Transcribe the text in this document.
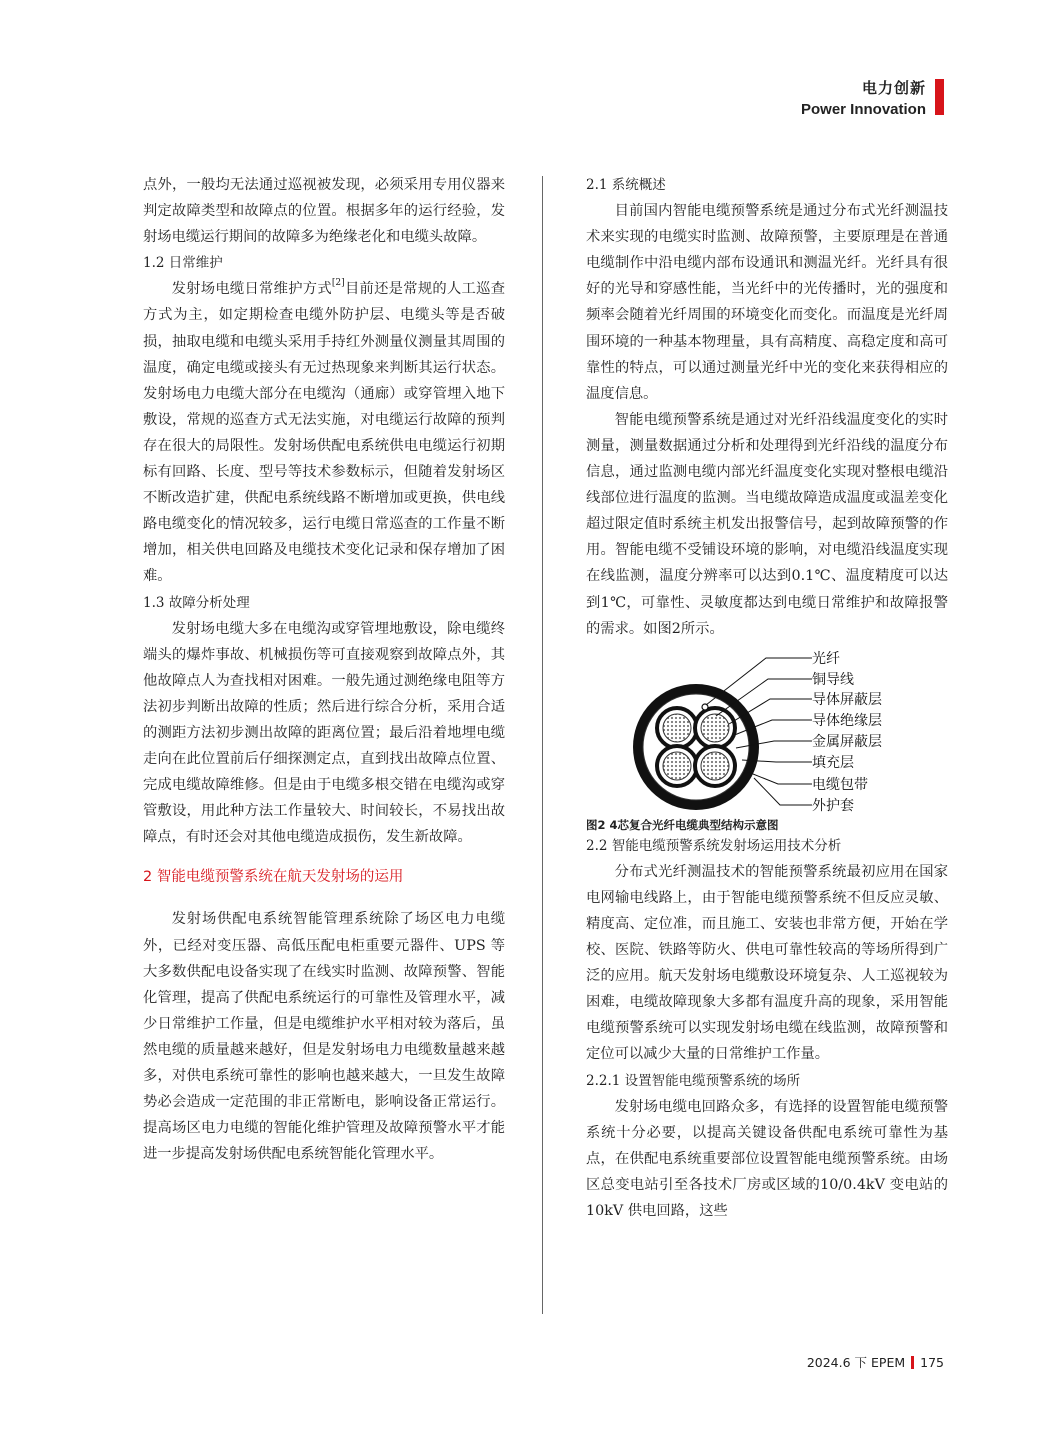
电力创新
Power Innovation

点外，一般均无法通过巡视被发现，必须采用专用仪器来判定故障类型和故障点的位置。根据多年的运行经验，发射场电缆运行期间的故障多为绝缘老化和电缆头故障。

1.2 日常维护

发射场电缆日常维护方式[2]目前还是常规的人工巡查方式为主，如定期检查电缆外防护层、电缆头等是否破损，抽取电缆和电缆头采用手持红外测量仪测量其周围的温度，确定电缆或接头有无过热现象来判断其运行状态。发射场电力电缆大部分在电缆沟（通廊）或穿管埋入地下敷设，常规的巡查方式无法实施，对电缆运行故障的预判存在很大的局限性。发射场供配电系统供电电缆运行初期标有回路、长度、型号等技术参数标示，但随着发射场区不断改造扩建，供配电系统线路不断增加或更换，供电线路电缆变化的情况较多，运行电缆日常巡查的工作量不断增加，相关供电回路及电缆技术变化记录和保存增加了困难。

1.3 故障分析处理

发射场电缆大多在电缆沟或穿管埋地敷设，除电缆终端头的爆炸事故、机械损伤等可直接观察到故障点外，其他故障点人为查找相对困难。一般先通过测绝缘电阻等方法初步判断出故障的性质；然后进行综合分析，采用合适的测距方法初步测出故障的距离位置；最后沿着地埋电缆走向在此位置前后仔细探测定点，直到找出故障点位置、完成电缆故障维修。但是由于电缆多根交错在电缆沟或穿管敷设，用此种方法工作量较大、时间较长，不易找出故障点，有时还会对其他电缆造成损伤，发生新故障。

2 智能电缆预警系统在航天发射场的运用

发射场供配电系统智能管理系统除了场区电力电缆外，已经对变压器、高低压配电柜重要元器件、UPS 等大多数供配电设备实现了在线实时监测、故障预警、智能化管理，提高了供配电系统运行的可靠性及管理水平，减少日常维护工作量，但是电缆维护水平相对较为落后，虽然电缆的质量越来越好，但是发射场电力电缆数量越来越多，对供电系统可靠性的影响也越来越大，一旦发生故障势必会造成一定范围的非正常断电，影响设备正常运行。提高场区电力电缆的智能化维护管理及故障预警水平才能进一步提高发射场供配电系统智能化管理水平。

2.1 系统概述

目前国内智能电缆预警系统是通过分布式光纤测温技术来实现的电缆实时监测、故障预警，主要原理是在普通电缆制作中沿电缆内部布设通讯和测温光纤。光纤具有很好的光导和穿感性能，当光纤中的光传播时，光的强度和频率会随着光纤周围的环境变化而变化。而温度是光纤周围环境的一种基本物理量，具有高精度、高稳定度和高可靠性的特点，可以通过测量光纤中光的变化来获得相应的温度信息。

智能电缆预警系统是通过对光纤沿线温度变化的实时测量，测量数据通过分析和处理得到光纤沿线的温度分布信息，通过监测电缆内部光纤温度变化实现对整根电缆沿线部位进行温度的监测。当电缆故障造成温度或温差变化超过限定值时系统主机发出报警信号，起到故障预警的作用。智能电缆不受铺设环境的影响，对电缆沿线温度实现在线监测，温度分辨率可以达到0.1℃、温度精度可以达到1℃，可靠性、灵敏度都达到电缆日常维护和故障报警的需求。如图2所示。

光纤
铜导线
导体屏蔽层
导体绝缘层
金属屏蔽层
填充层
电缆包带
外护套

图2 4芯复合光纤电缆典型结构示意图

2.2 智能电缆预警系统发射场运用技术分析

分布式光纤测温技术的智能预警系统最初应用在国家电网输电线路上，由于智能电缆预警系统不但反应灵敏、精度高、定位准，而且施工、安装也非常方便，开始在学校、医院、铁路等防火、供电可靠性较高的等场所得到广泛的应用。航天发射场电缆敷设环境复杂、人工巡视较为困难，电缆故障现象大多都有温度升高的现象，采用智能电缆预警系统可以实现发射场电缆在线监测，故障预警和定位可以减少大量的日常维护工作量。

2.2.1 设置智能电缆预警系统的场所

发射场电缆电回路众多，有选择的设置智能电缆预警系统十分必要，以提高关键设备供配电系统可靠性为基点，在供配电系统重要部位设置智能电缆预警系统。由场区总变电站引至各技术厂房或区域的10/0.4kV 变电站的10kV 供电回路，这些

2024.6 下 EPEM 175
